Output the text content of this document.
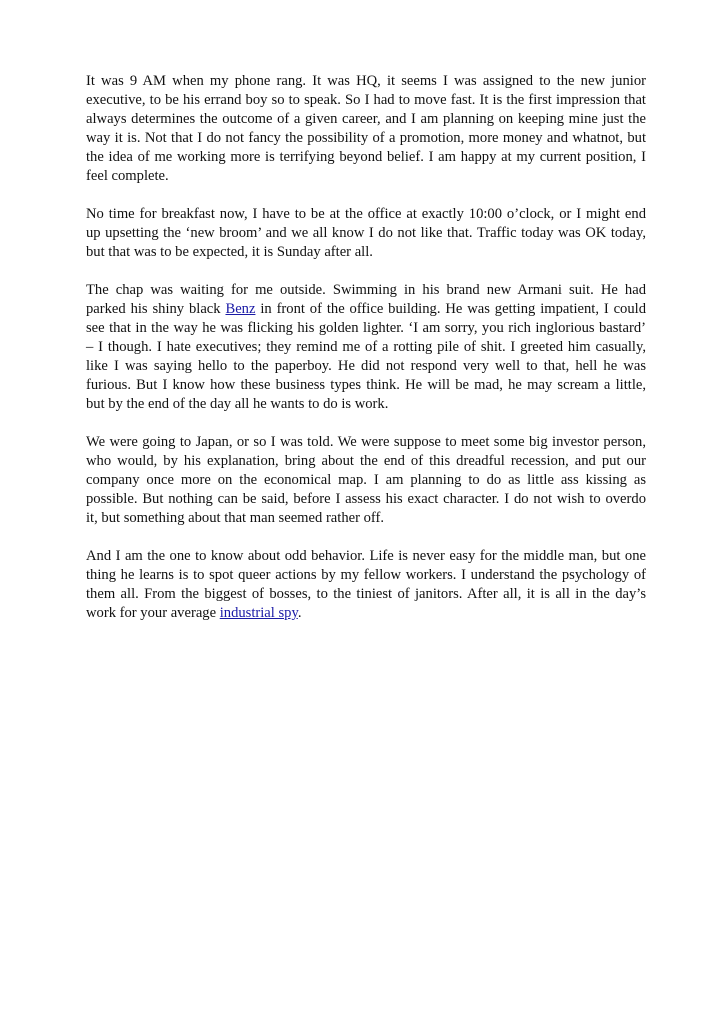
It was 9 AM when my phone rang. It was HQ, it seems I was assigned to the new junior
executive, to be his errand boy so to speak. So I had to move fast. It is the first impression that
always determines the outcome of a given career, and I am planning on keeping mine just the
way it is. Not that I do not fancy the possibility of a promotion, more money and whatnot, but
the idea of me working more is terrifying beyond belief. I am happy at my current position, I
feel complete.

No time for breakfast now, I have to be at the office at exactly 10:00 o’clock, or I might end
up upsetting the ‘new broom’ and we all know I do not like that. Traffic today was OK today,
but that was to be expected, it is Sunday after all.

The chap was waiting for me outside. Swimming in his brand new Armani suit. He had
parked his shiny black Benz in front of the office building. He was getting impatient, I could
see that in the way he was flicking his golden lighter. ‘I am sorry, you rich inglorious bastard’
– I though. I hate executives; they remind me of a rotting pile of shit. I greeted him casually,
like I was saying hello to the paperboy. He did not respond very well to that, hell he was
furious. But I know how these business types think. He will be mad, he may scream a little,
but by the end of the day all he wants to do is work.

We were going to Japan, or so I was told. We were suppose to meet some big investor person,
who would, by his explanation, bring about the end of this dreadful recession, and put our
company once more on the economical map. I am planning to do as little ass kissing as
possible. But nothing can be said, before I assess his exact character. I do not wish to overdo
it, but something about that man seemed rather off.

And I am the one to know about odd behavior. Life is never easy for the middle man, but one
thing he learns is to spot queer actions by my fellow workers. I understand the psychology of
them all. From the biggest of bosses, to the tiniest of janitors. After all, it is all in the day’s
work for your average industrial spy.
